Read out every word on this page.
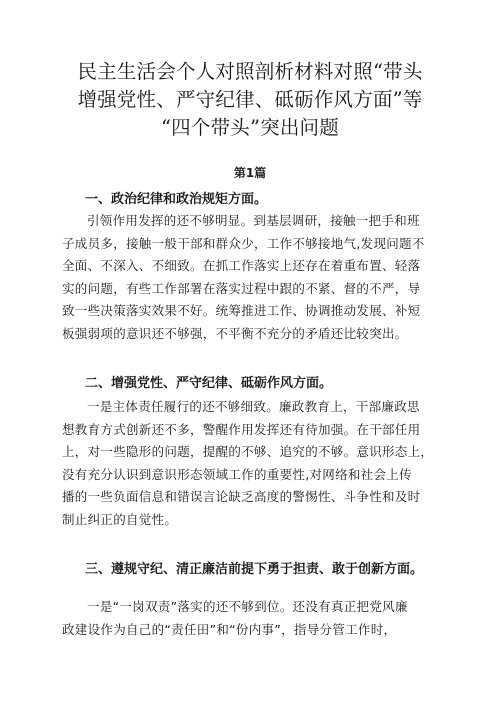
民主生活会个人对照剖析材料对照“带头
增强党性、严守纪律、砥砺作风方面”等
“四个带头”突出问题
第1篇
一、政治纪律和政治规矩方面。
引领作用发挥的还不够明显。到基层调研，接触一把手和班
子成员多，接触一般干部和群众少，工作不够接地气,发现问题不
全面、不深入、不细致。在抓工作落实上还存在着重布置、轻落
实的问题，有些工作部署在落实过程中跟的不紧、督的不严，导
致一些决策落实效果不好。统筹推进工作、协调推动发展、补短
板强弱项的意识还不够强，不平衡不充分的矛盾还比较突出。
二、增强党性、严守纪律、砥砺作风方面。
一是主体责任履行的还不够细致。廉政教育上，干部廉政思
想教育方式创新还不多，警醒作用发挥还有待加强。在干部任用
上，对一些隐形的问题，提醒的不够、追究的不够。意识形态上，
没有充分认识到意识形态领域工作的重要性,对网络和社会上传
播的一些负面信息和错误言论缺乏高度的警惕性、斗争性和及时
制止纠正的自觉性。
三、遵规守纪、清正廉洁前提下勇于担责、敢于创新方面。
一是“一岗双责”落实的还不够到位。还没有真正把党风廉
政建设作为自己的“责任田”和“份内事”，指导分管工作时，
